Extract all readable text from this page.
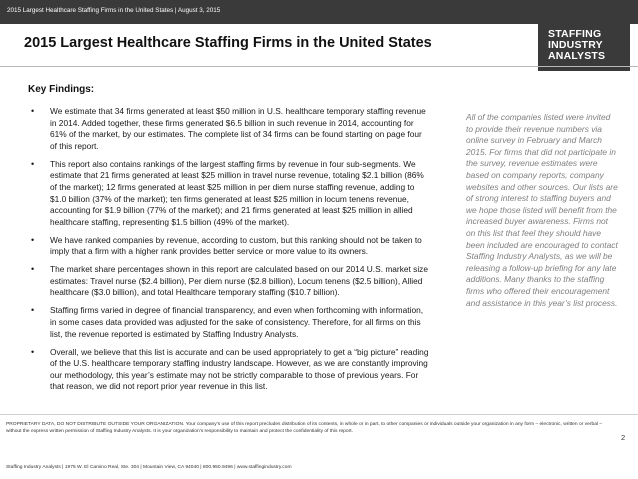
2015 Largest Healthcare Staffing Firms in the United States | August 3, 2015
STAFFING
INDUSTRY
ANALYSTS
2015 Largest Healthcare Staffing Firms in the United States
Key Findings:
• We estimate that 34 firms generated at least $50 million in U.S. healthcare temporary staffing revenue in 2014. Added together, these firms generated $6.5 billion in such revenue in 2014, accounting for 61% of the market, by our estimates. The complete list of 34 firms can be found starting on page four of this report.
• This report also contains rankings of the largest staffing firms by revenue in four sub-segments. We estimate that 21 firms generated at least $25 million in travel nurse revenue, totaling $2.1 billion (86% of the market); 12 firms generated at least $25 million in per diem nurse staffing revenue, adding to $1.0 billion (37% of the market); ten firms generated at least $25 million in locum tenens revenue, accounting for $1.9 billion (77% of the market); and 21 firms generated at least $25 million in allied healthcare staffing, representing $1.5 billion (49% of the market).
• We have ranked companies by revenue, according to custom, but this ranking should not be taken to imply that a firm with a higher rank provides better service or more value to its owners.
• The market share percentages shown in this report are calculated based on our 2014 U.S. market size estimates: Travel nurse ($2.4 billion), Per diem nurse ($2.8 billion), Locum tenens ($2.5 billion), Allied healthcare ($3.0 billion), and total Healthcare temporary staffing ($10.7 billion).
• Staffing firms varied in degree of financial transparency, and even when forthcoming with information, in some cases data provided was adjusted for the sake of consistency. Therefore, for all firms on this list, the revenue reported is estimated by Staffing Industry Analysts.
• Overall, we believe that this list is accurate and can be used appropriately to get a “big picture” reading of the U.S. healthcare temporary staffing industry landscape. However, as we are constantly improving our methodology, this year’s estimate may not be strictly comparable to those of previous years. For that reason, we did not report prior year revenue in this list.

All of the companies listed were invited to provide their revenue numbers via online survey in February and March 2015. For firms that did not participate in the survey, revenue estimates were based on company reports, company websites and other sources. Our lists are of strong interest to staffing buyers and we hope those listed will benefit from the increased buyer awareness. Firms not on this list that feel they should have been included are encouraged to contact Staffing Industry Analysts, as we will be releasing a follow-up briefing for any late additions. Many thanks to the staffing firms who offered their encouragement and assistance in this year’s list process.

PROPRIETARY DATA, DO NOT DISTRIBUTE OUTSIDE YOUR ORGANIZATION. Your company’s use of this report precludes distribution of its contents, in whole or in part, to other companies or individuals outside your organization in any form – electronic, written or verbal – without the express written permission of Staffing Industry Analysts. It is your organization’s responsibility to maintain and protect the confidentiality of this report.

Staffing Industry Analysts | 1975 W. El Camino Real, Ste. 304 | Mountain View, CA 94040 | 800.950.9496 | www.staffingindustry.com

2
